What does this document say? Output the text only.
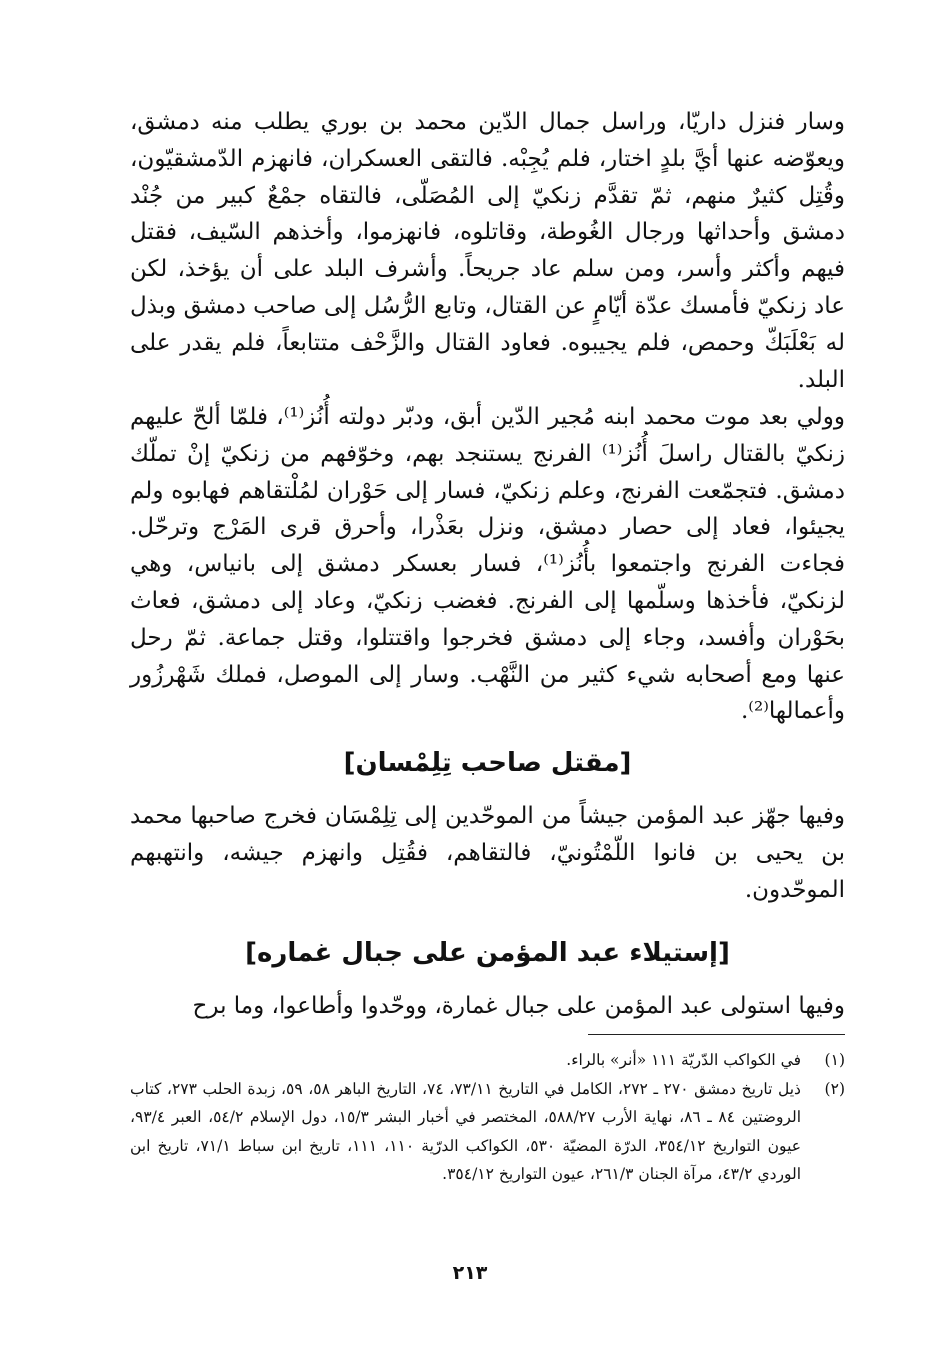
وسار فنزل داريّا، وراسل جمال الدّين محمد بن بوري يطلب منه دمشق، ويعوّضه عنها أيَّ بلدٍ اختار، فلم يُجِبْه. فالتقى العسكران، فانهزم الدّمشقيّون، وقُتِل كثيرٌ منهم، ثمّ تقدَّم زنكيّ إلى المُصَلّى، فالتقاه جمْعٌ كبير من جُنْد دمشق وأحداثها ورجال الغُوطة، وقاتلوه، فانهزموا، وأخذهم السّيف، فقتل فيهم وأكثر وأسر، ومن سلم عاد جريحاً. وأشرف البلد على أن يؤخذ، لكن عاد زنكيّ فأمسك عدّة أيّامٍ عن القتال، وتابع الرُّسُل إلى صاحب دمشق وبذل له بَعْلَبَكّ وحمص، فلم يجيبوه. فعاود القتال والزَّحْف متتابعاً، فلم يقدر على البلد.

وولي بعد موت محمد ابنه مُجير الدّين أبق، ودبّر دولته أُنُز⁽¹⁾، فلمّا ألحّ عليهم زنكيّ بالقتال راسلَ أُنُز⁽¹⁾ الفرنج يستنجد بهم، وخوّفهم من زنكيّ إنْ تملّك دمشق. فتجمّعت الفرنج، وعلم زنكيّ، فسار إلى حَوْران لمُلْتقاهم فهابوه ولم يجيئوا، فعاد إلى حصار دمشق، ونزل بعَذْرا، وأحرق قرى المَرْج وترحّل. فجاءت الفرنج واجتمعوا بأُنُز⁽¹⁾، فسار بعسكر دمشق إلى بانياس، وهي لزنكيّ، فأخذها وسلّمها إلى الفرنج. فغضب زنكيّ، وعاد إلى دمشق، فعاث بحَوْران وأفسد، وجاء إلى دمشق فخرجوا واقتتلوا، وقتل جماعة. ثمّ رحل عنها ومع أصحابه شيء كثير من النَّهْب. وسار إلى الموصل، فملك شَهْرزُور وأعمالها⁽²⁾.

[مقتل صاحب تِلِمْسان]

وفيها جهّز عبد المؤمن جيشاً من الموحّدين إلى تِلِمْسَان فخرج صاحبها محمد بن يحيى بن فانوا اللّمْتُونيّ، فالتقاهم، فقُتِل وانهزم جيشه، وانتهبهم الموحّدون.

[إستيلاء عبد المؤمن على جبال غماره]

وفيها استولى عبد المؤمن على جبال غمارة، ووحّدوا وأطاعوا، وما برح

(١)
في الكواكب الدّريّة ١١١ «أنر» بالراء.
(٢)
ذيل تاريخ دمشق ٢٧٠ ـ ٢٧٢، الكامل في التاريخ ٧٣/١١، ٧٤، التاريخ الباهر ٥٨، ٥٩، زبدة الحلب ٢٧٣، كتاب الروضتين ٨٤ ـ ٨٦، نهاية الأرب ٥٨٨/٢٧، المختصر في أخبار البشر ١٥/٣، دول الإسلام ٥٤/٢، العبر ٩٣/٤، عيون التواريخ ٣٥٤/١٢، الدرّة المضيّة ٥٣٠، الكواكب الدرّية ١١٠، ١١١، تاريخ ابن سباط ٧١/١، تاريخ ابن الوردي ٤٣/٢، مرآة الجنان ٢٦١/٣، عيون التواريخ ٣٥٤/١٢.
٢١٣
